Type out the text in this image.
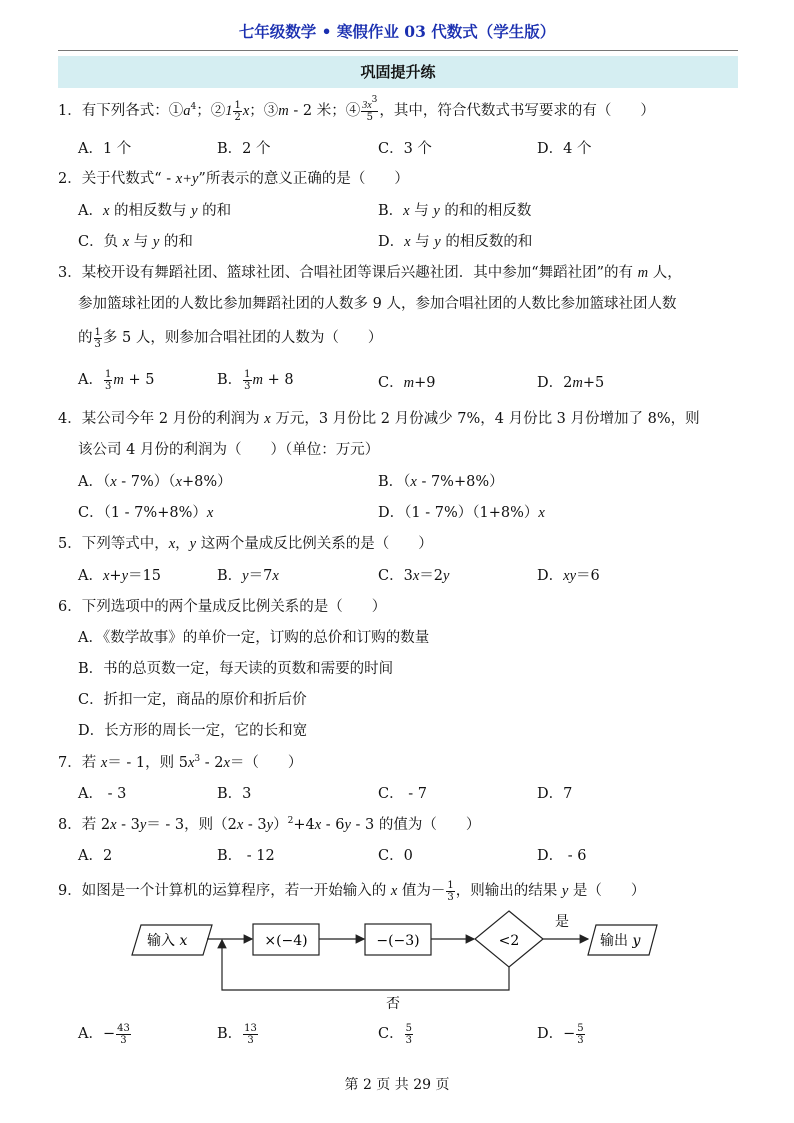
七年级数学 • 寒假作业 03 代数式（学生版）
巩固提升练
1．有下列各式：$①a^4$；②1 $\frac{1}{2}$ x；③m - 2 米；④ $\frac{3x^3}{5}$ ，其中，符合代数式书写要求的有（　　）
A．1 个	B．2 个	C．3 个	D．4 个
2．关于代数式“ - x+y”所表示的意义正确的是（　　）
A．x 的相反数与 y 的和	B．x 与 y 的和的相反数
C．负 x 与 y 的和	D．x 与 y 的相反数的和
3．某校开设有舞蹈社团、篮球社团、合唱社团等课后兴趣社团．其中参加“舞蹈社团”的有 m 人，
参加篮球社团的人数比参加舞蹈社团的人数多 9 人，参加合唱社团的人数比参加篮球社团人数
的 $\frac{1}{3}$ 多 5 人，则参加合唱社团的人数为（　　）
A． $\frac{1}{3}$ m + 5	B． $\frac{1}{3}$ m + 8	C．m+9	D．2m+5
4．某公司今年 2 月份的利润为 x 万元，3 月份比 2 月份减少 7%，4 月份比 3 月份增加了 8%，则
该公司 4 月份的利润为（　　）（单位：万元）
A．（x - 7%）（x+8%）	B．（x - 7%+8%）
C．（1 - 7%+8%）x	D．（1 - 7%）（1+8%）x
5．下列等式中，x，y 这两个量成反比例关系的是（　　）
A．x+y＝15	B．y＝7x	C．3x＝2y	D．xy＝6
6．下列选项中的两个量成反比例关系的是（　　）
A．《数学故事》的单价一定，订购的总价和订购的数量
B．书的总页数一定，每天读的页数和需要的时间
C．折扣一定，商品的原价和折后价
D．长方形的周长一定，它的长和宽
7．若 x＝ - 1，则 $5x^3 - 2x=$（　　）
A． - 3	B．3	C． - 7	D．7
8．若 2x - 3y＝ - 3，则（2x - 3y）$^2$+4x - 6y - 3 的值为（　　）
A．2	B． - 12	C．0	D． - 6
9．如图是一个计算机的运算程序，若一开始输入的 x 值为－ $\frac{1}{3}$ ，则输出的结果 y 是（　　）
输入 x	×(−4)	−(−3)	<2
是
输出 y
否
A．− $\frac{43}{3}$	B． $\frac{13}{3}$	C． $\frac{5}{3}$	D．− $\frac{5}{3}$
第 2 页 共 29 页
